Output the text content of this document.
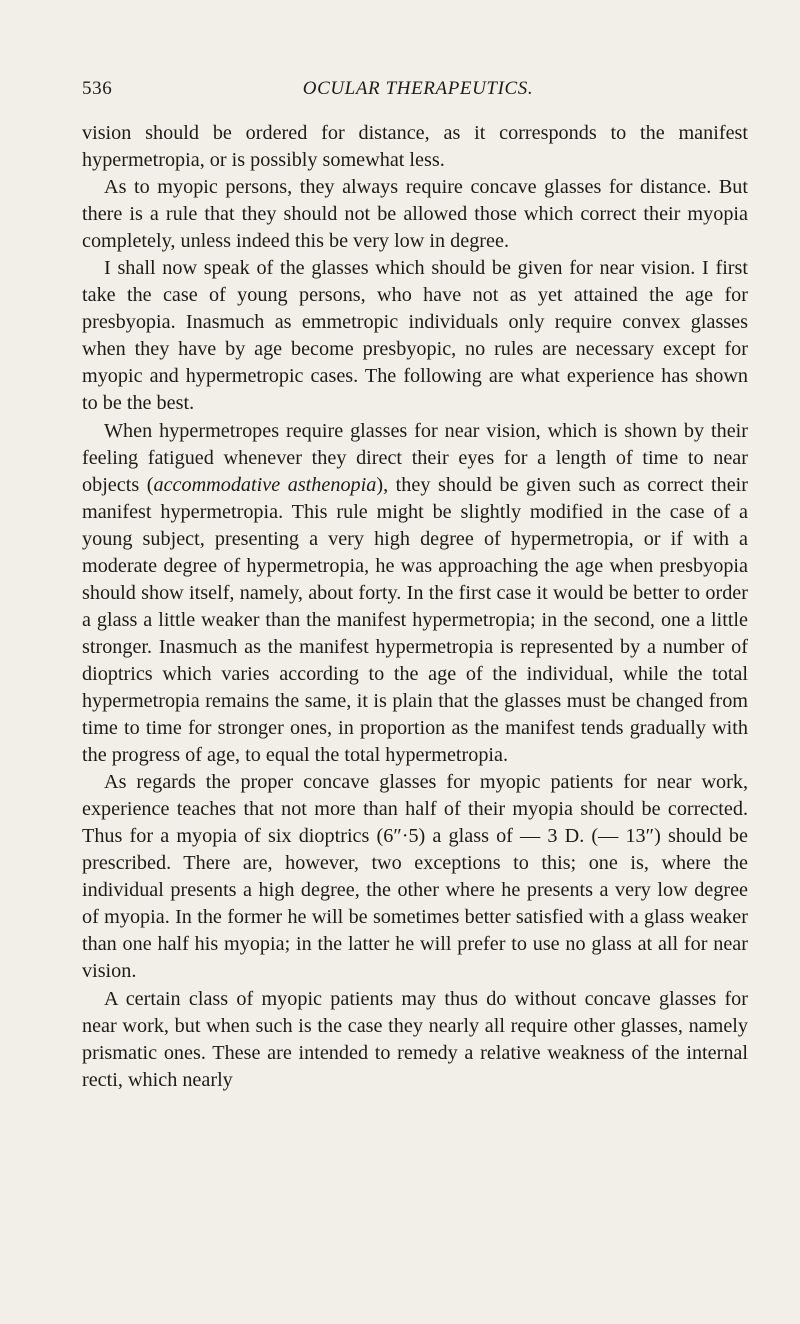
536	OCULAR THERAPEUTICS.

vision should be ordered for distance, as it corresponds to the manifest hypermetropia, or is possibly somewhat less.

As to myopic persons, they always require concave glasses for distance. But there is a rule that they should not be allowed those which correct their myopia completely, unless indeed this be very low in degree.

I shall now speak of the glasses which should be given for near vision. I first take the case of young persons, who have not as yet attained the age for presbyopia. Inasmuch as emmetropic individuals only require convex glasses when they have by age become presbyopic, no rules are necessary except for myopic and hypermetropic cases. The following are what experience has shown to be the best.

When hypermetropes require glasses for near vision, which is shown by their feeling fatigued whenever they direct their eyes for a length of time to near objects (accommodative asthenopia), they should be given such as correct their manifest hypermetropia. This rule might be slightly modified in the case of a young subject, presenting a very high degree of hypermetropia, or if with a moderate degree of hypermetropia, he was approaching the age when presbyopia should show itself, namely, about forty. In the first case it would be better to order a glass a little weaker than the manifest hypermetropia; in the second, one a little stronger. Inasmuch as the manifest hypermetropia is represented by a number of dioptrics which varies according to the age of the individual, while the total hypermetropia remains the same, it is plain that the glasses must be changed from time to time for stronger ones, in proportion as the manifest tends gradually with the progress of age, to equal the total hypermetropia.

As regards the proper concave glasses for myopic patients for near work, experience teaches that not more than half of their myopia should be corrected. Thus for a myopia of six dioptrics (6″·5) a glass of — 3 D. (— 13″) should be prescribed. There are, however, two exceptions to this; one is, where the individual presents a high degree, the other where he presents a very low degree of myopia. In the former he will be sometimes better satisfied with a glass weaker than one half his myopia; in the latter he will prefer to use no glass at all for near vision.

A certain class of myopic patients may thus do without concave glasses for near work, but when such is the case they nearly all require other glasses, namely prismatic ones. These are intended to remedy a relative weakness of the internal recti, which nearly
